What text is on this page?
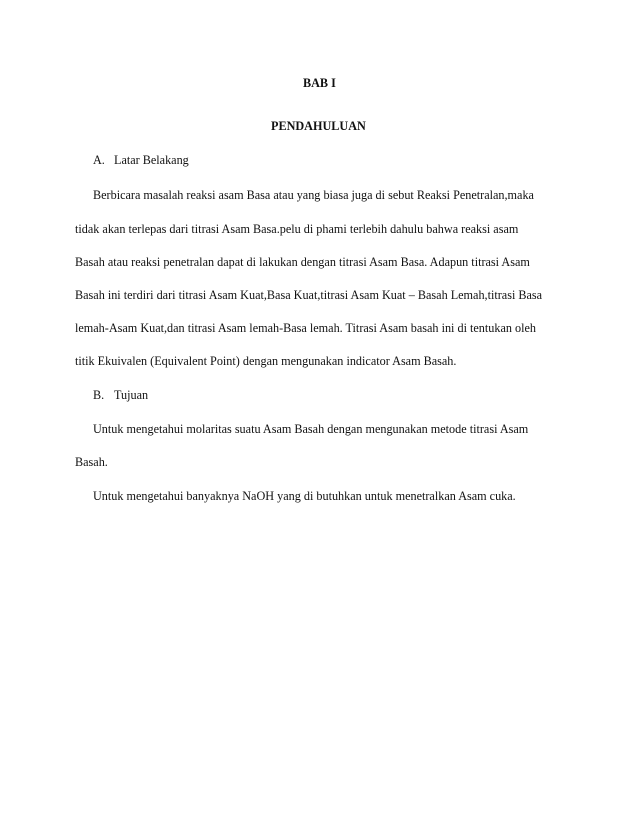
BAB I
PENDAHULUAN
A. Latar Belakang
Berbicara masalah reaksi asam Basa atau yang biasa juga di sebut Reaksi Penetralan,maka
tidak akan terlepas dari titrasi Asam Basa.pelu di phami terlebih dahulu bahwa reaksi asam
Basah atau reaksi penetralan dapat di lakukan dengan titrasi Asam Basa. Adapun titrasi Asam
Basah ini terdiri dari titrasi Asam Kuat,Basa Kuat,titrasi Asam Kuat – Basah Lemah,titrasi Basa
lemah-Asam Kuat,dan titrasi Asam lemah-Basa lemah. Titrasi Asam basah ini di tentukan oleh
titik Ekuivalen (Equivalent Point) dengan mengunakan indicator Asam Basah.
B. Tujuan
Untuk mengetahui molaritas suatu Asam Basah dengan mengunakan metode titrasi Asam
Basah.
Untuk mengetahui banyaknya NaOH yang di butuhkan untuk menetralkan Asam cuka.
